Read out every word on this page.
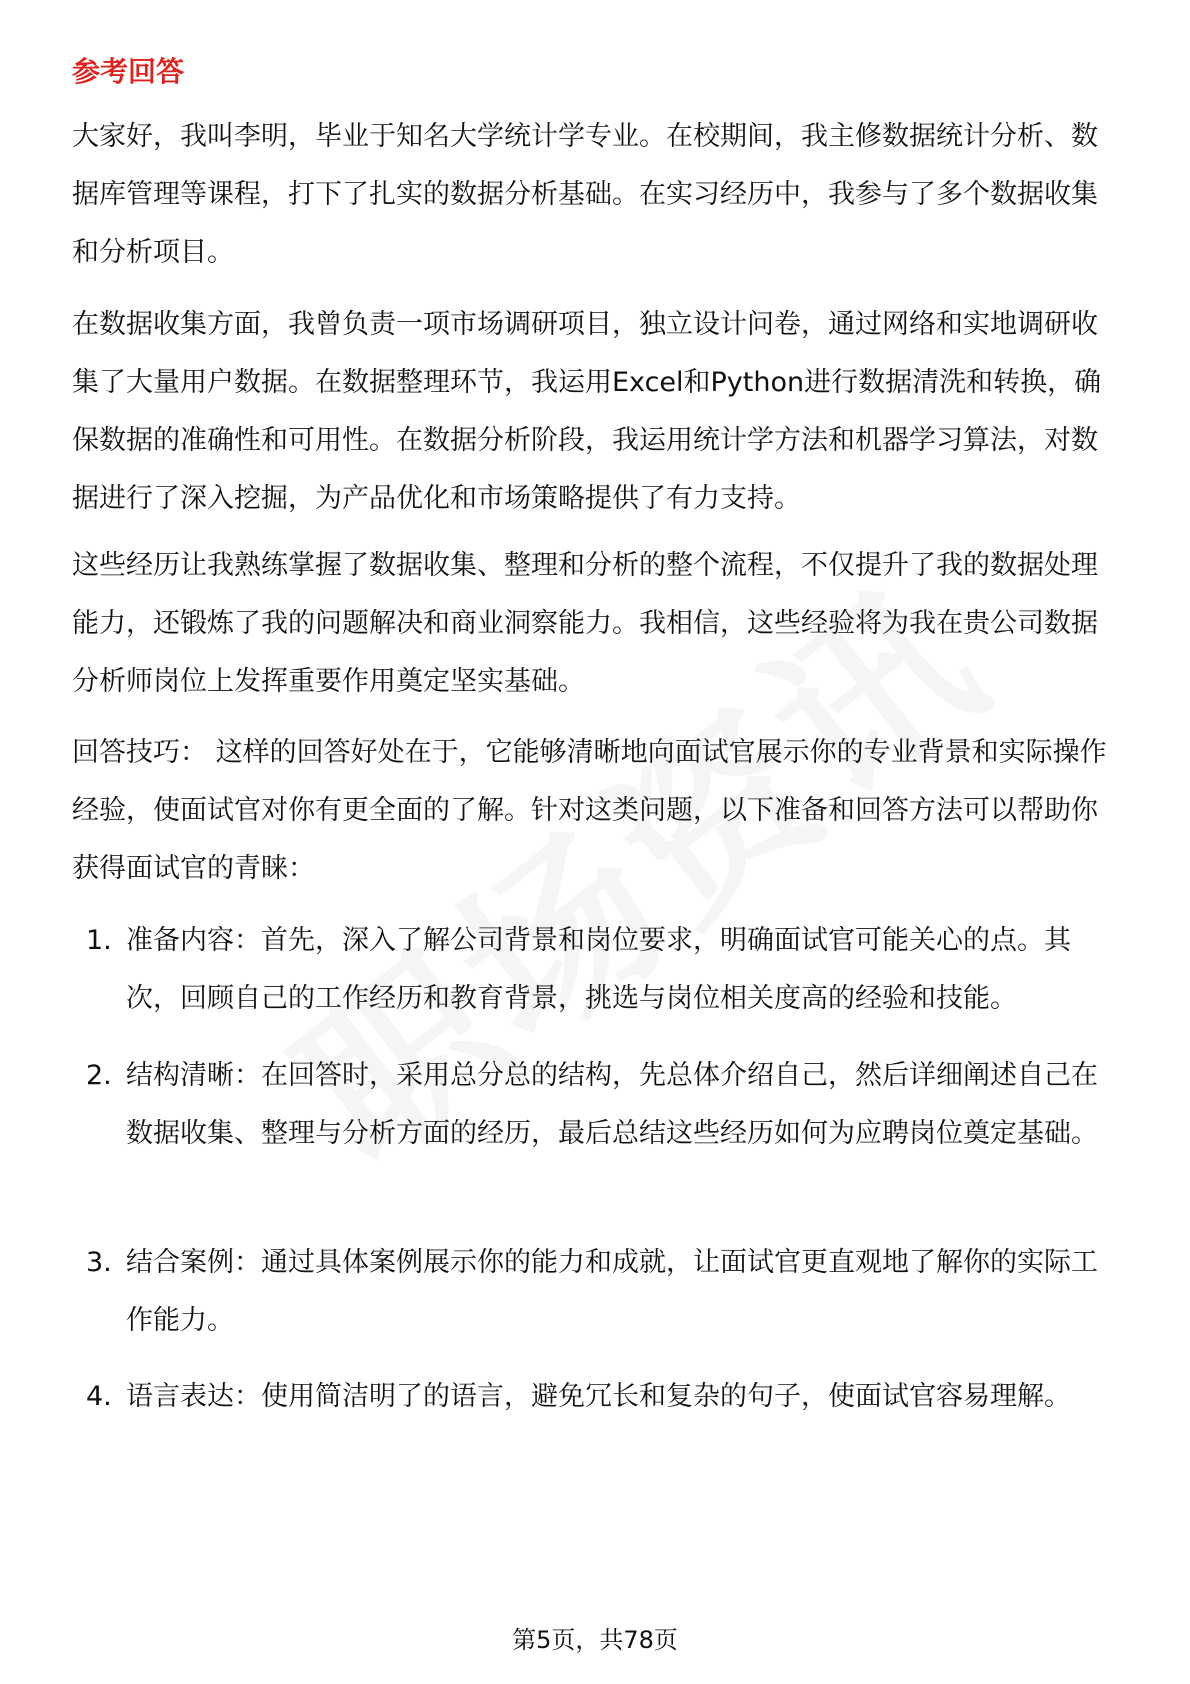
参考回答

大家好，我叫李明，毕业于知名大学统计学专业。在校期间，我主修数据统计分析、数据库管理等课程，打下了扎实的数据分析基础。在实习经历中，我参与了多个数据收集和分析项目。

在数据收集方面，我曾负责一项市场调研项目，独立设计问卷，通过网络和实地调研收集了大量用户数据。在数据整理环节，我运用Excel和Python进行数据清洗和转换，确保数据的准确性和可用性。在数据分析阶段，我运用统计学方法和机器学习算法，对数据进行了深入挖掘，为产品优化和市场策略提供了有力支持。

这些经历让我熟练掌握了数据收集、整理和分析的整个流程，不仅提升了我的数据处理能力，还锻炼了我的问题解决和商业洞察能力。我相信，这些经验将为我在贵公司数据分析师岗位上发挥重要作用奠定坚实基础。

回答技巧： 这样的回答好处在于，它能够清晰地向面试官展示你的专业背景和实际操作经验，使面试官对你有更全面的了解。针对这类问题，以下准备和回答方法可以帮助你获得面试官的青睐：

1. 准备内容：首先，深入了解公司背景和岗位要求，明确面试官可能关心的点。其次，回顾自己的工作经历和教育背景，挑选与岗位相关度高的经验和技能。
2. 结构清晰：在回答时，采用总分总的结构，先总体介绍自己，然后详细阐述自己在数据收集、整理与分析方面的经历，最后总结这些经历如何为应聘岗位奠定基础。
3. 结合案例：通过具体案例展示你的能力和成就，让面试官更直观地了解你的实际工作能力。
4. 语言表达：使用简洁明了的语言，避免冗长和复杂的句子，使面试官容易理解。
第5页，共78页
